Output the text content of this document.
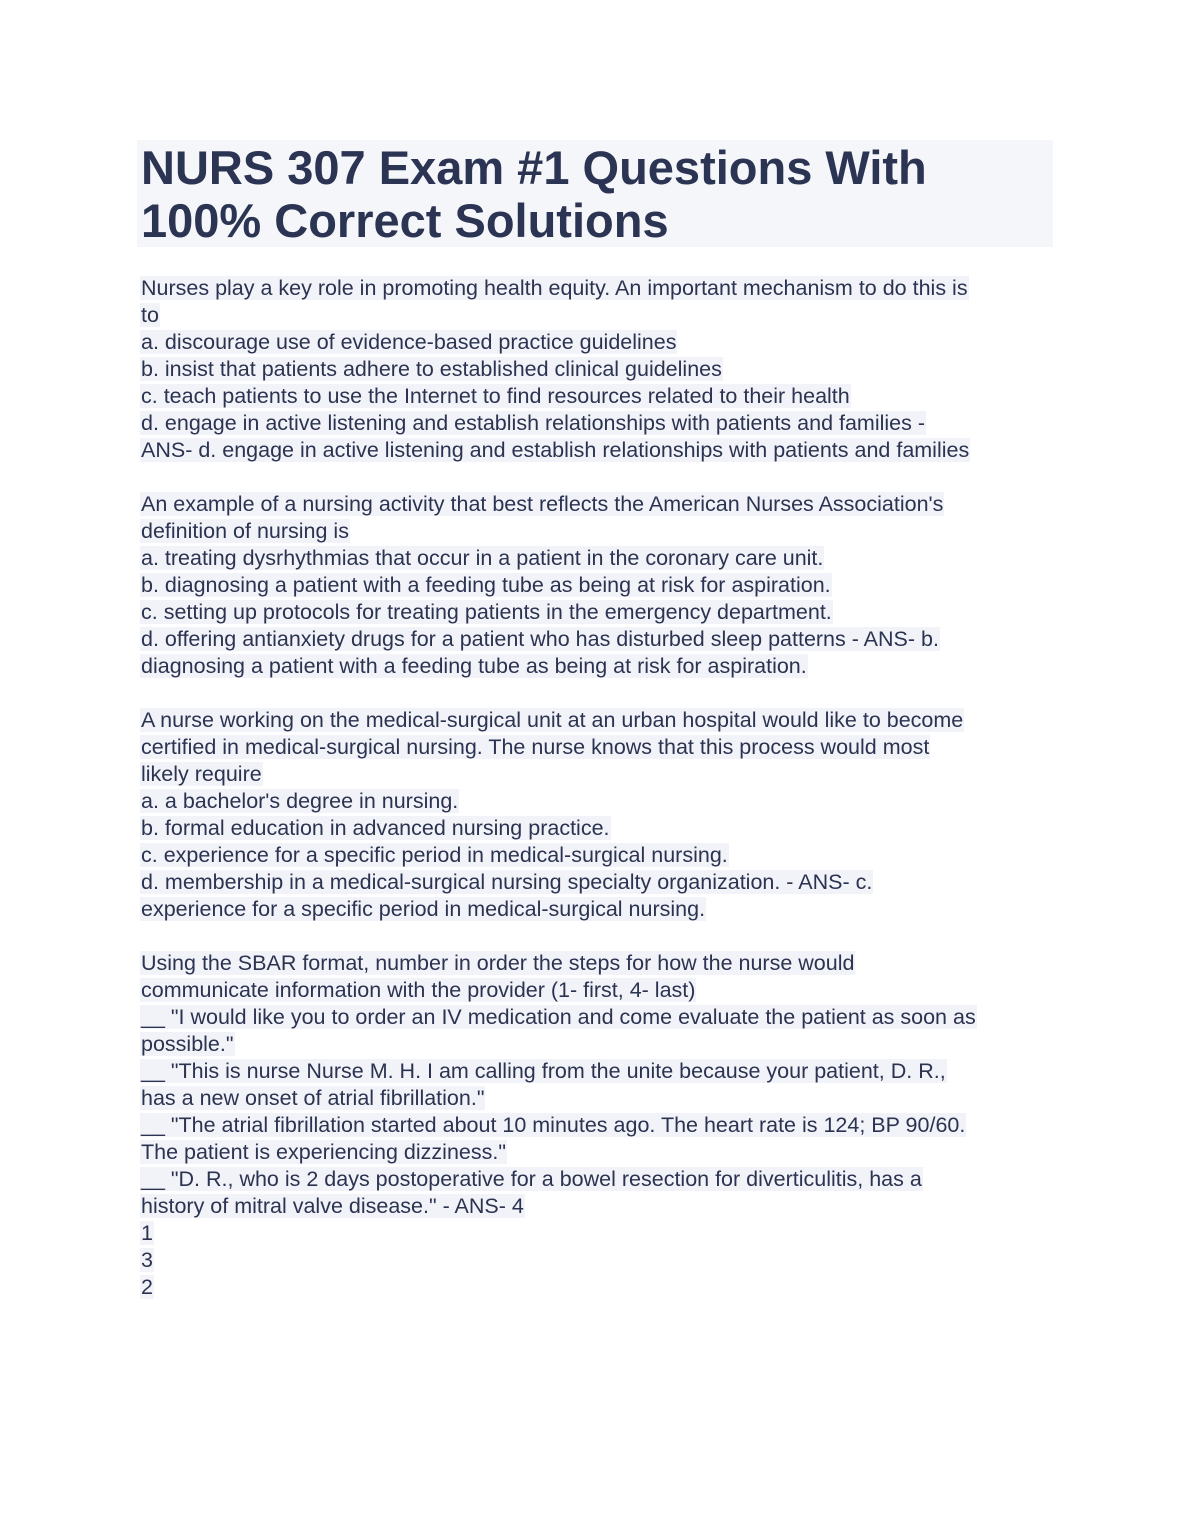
NURS 307 Exam #1 Questions With
100% Correct Solutions
Nurses play a key role in promoting health equity. An important mechanism to do this is
to
a. discourage use of evidence-based practice guidelines
b. insist that patients adhere to established clinical guidelines
c. teach patients to use the Internet to find resources related to their health
d. engage in active listening and establish relationships with patients and families -
ANS- d. engage in active listening and establish relationships with patients and families
An example of a nursing activity that best reflects the American Nurses Association's
definition of nursing is
a. treating dysrhythmias that occur in a patient in the coronary care unit.
b. diagnosing a patient with a feeding tube as being at risk for aspiration.
c. setting up protocols for treating patients in the emergency department.
d. offering antianxiety drugs for a patient who has disturbed sleep patterns - ANS- b.
diagnosing a patient with a feeding tube as being at risk for aspiration.
A nurse working on the medical-surgical unit at an urban hospital would like to become
certified in medical-surgical nursing. The nurse knows that this process would most
likely require
a. a bachelor's degree in nursing.
b. formal education in advanced nursing practice.
c. experience for a specific period in medical-surgical nursing.
d. membership in a medical-surgical nursing specialty organization. - ANS- c.
experience for a specific period in medical-surgical nursing.
Using the SBAR format, number in order the steps for how the nurse would
communicate information with the provider (1- first, 4- last)
__ "I would like you to order an IV medication and come evaluate the patient as soon as
possible."
__ "This is nurse Nurse M. H. I am calling from the unite because your patient, D. R.,
has a new onset of atrial fibrillation."
__ "The atrial fibrillation started about 10 minutes ago. The heart rate is 124; BP 90/60.
The patient is experiencing dizziness."
__ "D. R., who is 2 days postoperative for a bowel resection for diverticulitis, has a
history of mitral valve disease." - ANS- 4
1
3
2
